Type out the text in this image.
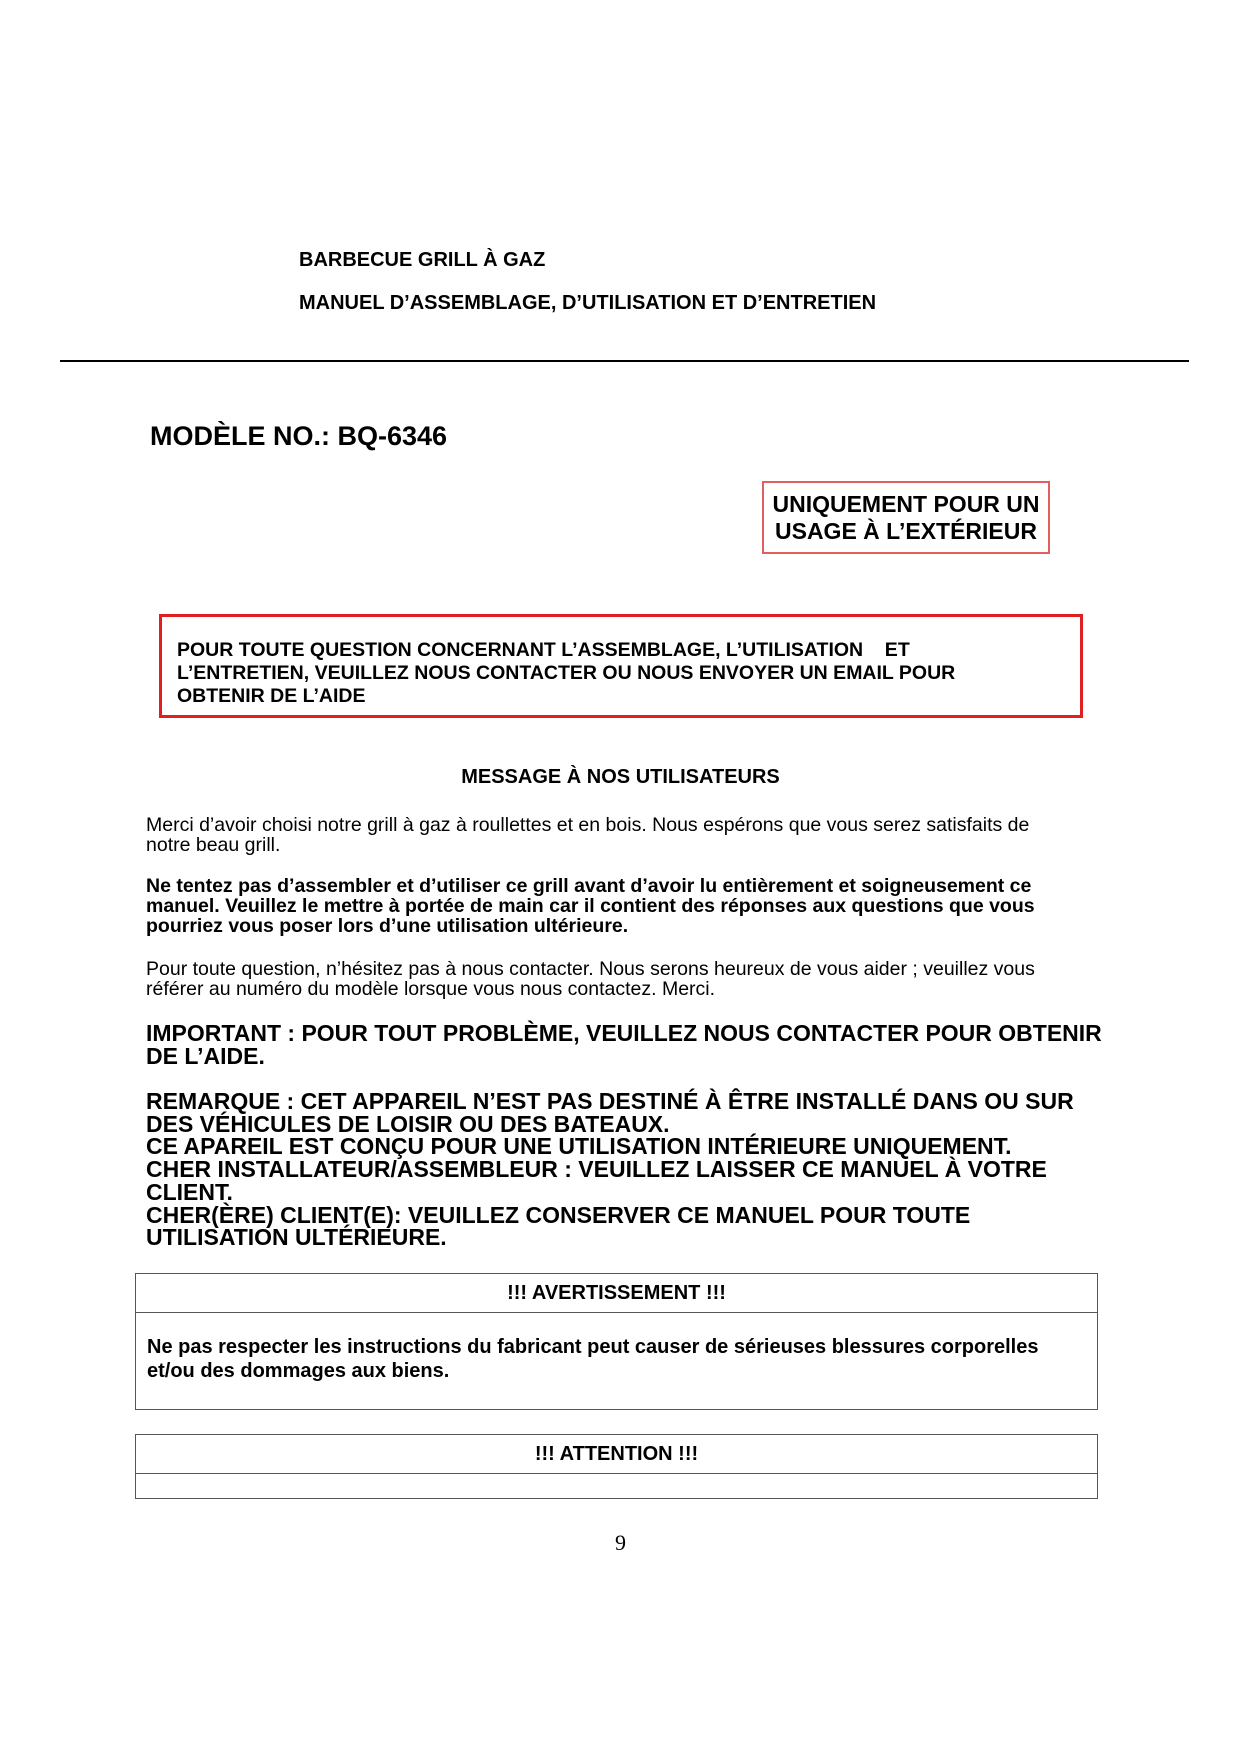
BARBECUE GRILL À GAZ
MANUEL D’ASSEMBLAGE, D’UTILISATION ET D’ENTRETIEN
MODÈLE NO.: BQ-6346
UNIQUEMENT POUR UN
USAGE À L’EXTÉRIEUR
POUR TOUTE QUESTION CONCERNANT L’ASSEMBLAGE, L’UTILISATION    ET
L’ENTRETIEN, VEUILLEZ NOUS CONTACTER OU NOUS ENVOYER UN EMAIL POUR
OBTENIR DE L’AIDE
MESSAGE À NOS UTILISATEURS
Merci d’avoir choisi notre grill à gaz à roullettes et en bois. Nous espérons que vous serez satisfaits de
notre beau grill.
Ne tentez pas d’assembler et d’utiliser ce grill avant d’avoir lu entièrement et soigneusement ce
manuel. Veuillez le mettre à portée de main car il contient des réponses aux questions que vous
pourriez vous poser lors d’une utilisation ultérieure.
Pour toute question, n’hésitez pas à nous contacter. Nous serons heureux de vous aider ; veuillez vous
référer au numéro du modèle lorsque vous nous contactez. Merci.
IMPORTANT : POUR TOUT PROBLÈME, VEUILLEZ NOUS CONTACTER POUR OBTENIR
DE L’AIDE.
REMARQUE : CET APPAREIL N’EST PAS DESTINÉ À ÊTRE INSTALLÉ DANS OU SUR
DES VÉHICULES DE LOISIR OU DES BATEAUX.
CE APAREIL EST CONÇU POUR UNE UTILISATION INTÉRIEURE UNIQUEMENT.
CHER INSTALLATEUR/ASSEMBLEUR : VEUILLEZ LAISSER CE MANUEL À VOTRE
CLIENT.
CHER(ÈRE) CLIENT(E): VEUILLEZ CONSERVER CE MANUEL POUR TOUTE
UTILISATION ULTÉRIEURE.
!!! AVERTISSEMENT !!!
Ne pas respecter les instructions du fabricant peut causer de sérieuses blessures corporelles
et/ou des dommages aux biens.
!!! ATTENTION !!!
9
